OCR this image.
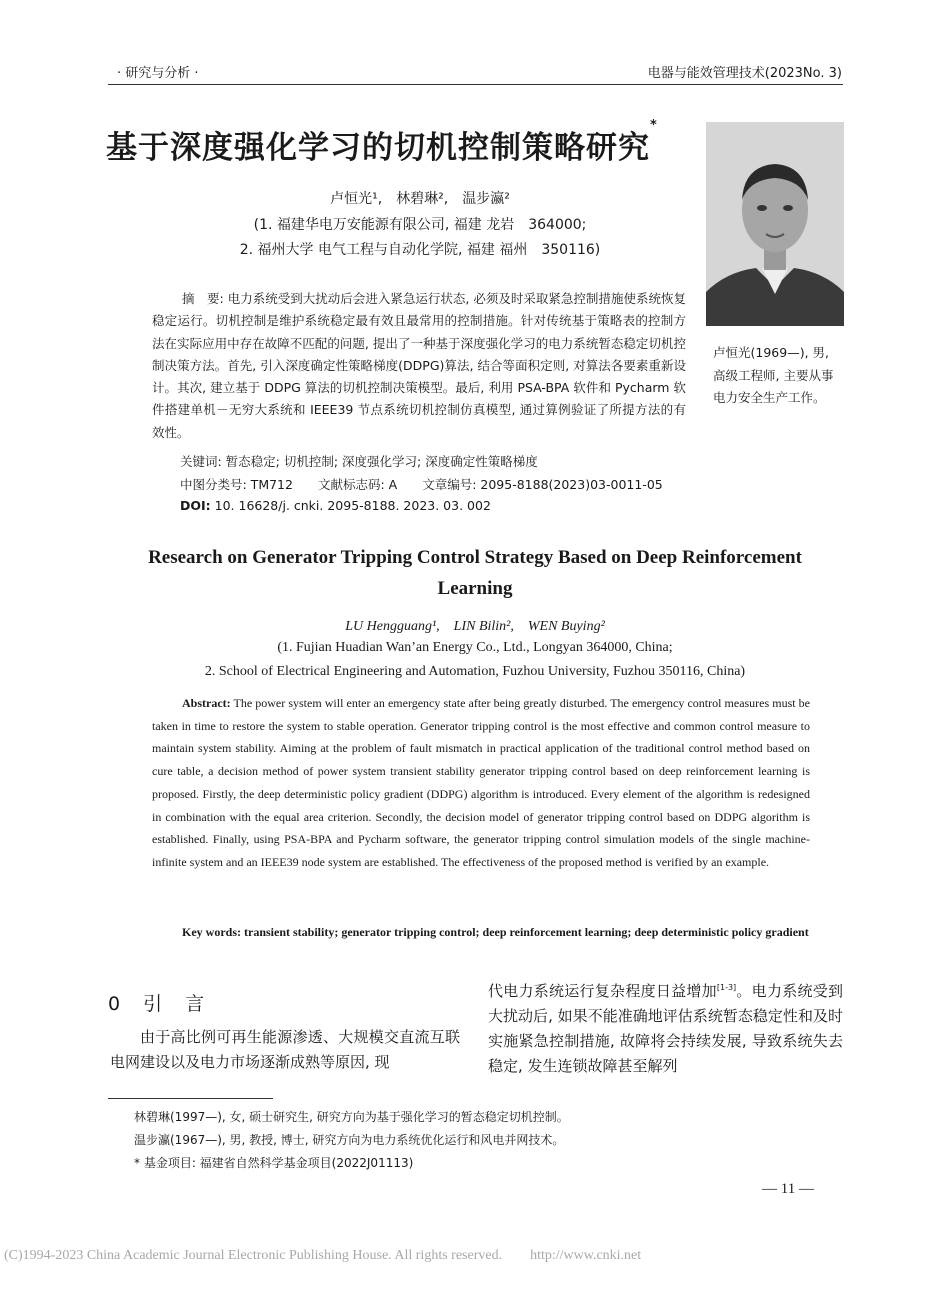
· 研究与分析 ·	电器与能效管理技术(2023No. 3)
基于深度强化学习的切机控制策略研究*
卢恒光¹,　林碧琳²,　温步瀛²
(1. 福建华电万安能源有限公司, 福建 龙岩　364000;
2. 福州大学 电气工程与自动化学院, 福建 福州　350116)
卢恒光(1969—), 男, 高级工程师, 主要从事电力安全生产工作。
摘　要: 电力系统受到大扰动后会进入紧急运行状态, 必须及时采取紧急控制措施使系统恢复稳定运行。切机控制是维护系统稳定最有效且最常用的控制措施。针对传统基于策略表的控制方法在实际应用中存在故障不匹配的问题, 提出了一种基于深度强化学习的电力系统暂态稳定切机控制决策方法。首先, 引入深度确定性策略梯度(DDPG)算法, 结合等面积定则, 对算法各要素重新设计。其次, 建立基于 DDPG 算法的切机控制决策模型。最后, 利用 PSA-BPA 软件和 Pycharm 软件搭建单机－无穷大系统和 IEEE39 节点系统切机控制仿真模型, 通过算例验证了所提方法的有效性。
关键词: 暂态稳定; 切机控制; 深度强化学习; 深度确定性策略梯度
中图分类号: TM712　　文献标志码: A　　文章编号: 2095-8188(2023)03-0011-05
DOI: 10. 16628/j. cnki. 2095-8188. 2023. 03. 002
Research on Generator Tripping Control Strategy Based on Deep Reinforcement Learning
LU Hengguang¹,　LIN Bilin²,　WEN Buying²
(1. Fujian Huadian Wan’an Energy Co., Ltd., Longyan 364000, China;
2. School of Electrical Engineering and Automation, Fuzhou University, Fuzhou 350116, China)
Abstract: The power system will enter an emergency state after being greatly disturbed. The emergency control measures must be taken in time to restore the system to stable operation. Generator tripping control is the most effective and common control measure to maintain system stability. Aiming at the problem of fault mismatch in practical application of the traditional control method based on cure table, a decision method of power system transient stability generator tripping control based on deep reinforcement learning is proposed. Firstly, the deep deterministic policy gradient (DDPG) algorithm is introduced. Every element of the algorithm is redesigned in combination with the equal area criterion. Secondly, the decision model of generator tripping control based on DDPG algorithm is established. Finally, using PSA-BPA and Pycharm software, the generator tripping control simulation models of the single machine-infinite system and an IEEE39 node system are established. The effectiveness of the proposed method is verified by an example.
Key words: transient stability; generator tripping control; deep reinforcement learning; deep deterministic policy gradient
0　引　言
由于高比例可再生能源渗透、大规模交直流互联电网建设以及电力市场逐渐成熟等原因, 现
代电力系统运行复杂程度日益增加[1-3]。电力系统受到大扰动后, 如果不能准确地评估系统暂态稳定性和及时实施紧急控制措施, 故障将会持续发展, 导致系统失去稳定, 发生连锁故障甚至解列
林碧琳(1997—), 女, 硕士研究生, 研究方向为基于强化学习的暂态稳定切机控制。
温步瀛(1967—), 男, 教授, 博士, 研究方向为电力系统优化运行和风电并网技术。
* 基金项目: 福建省自然科学基金项目(2022J01113)
— 11 —
(C)1994-2023 China Academic Journal Electronic Publishing House. All rights reserved.　　http://www.cnki.net
